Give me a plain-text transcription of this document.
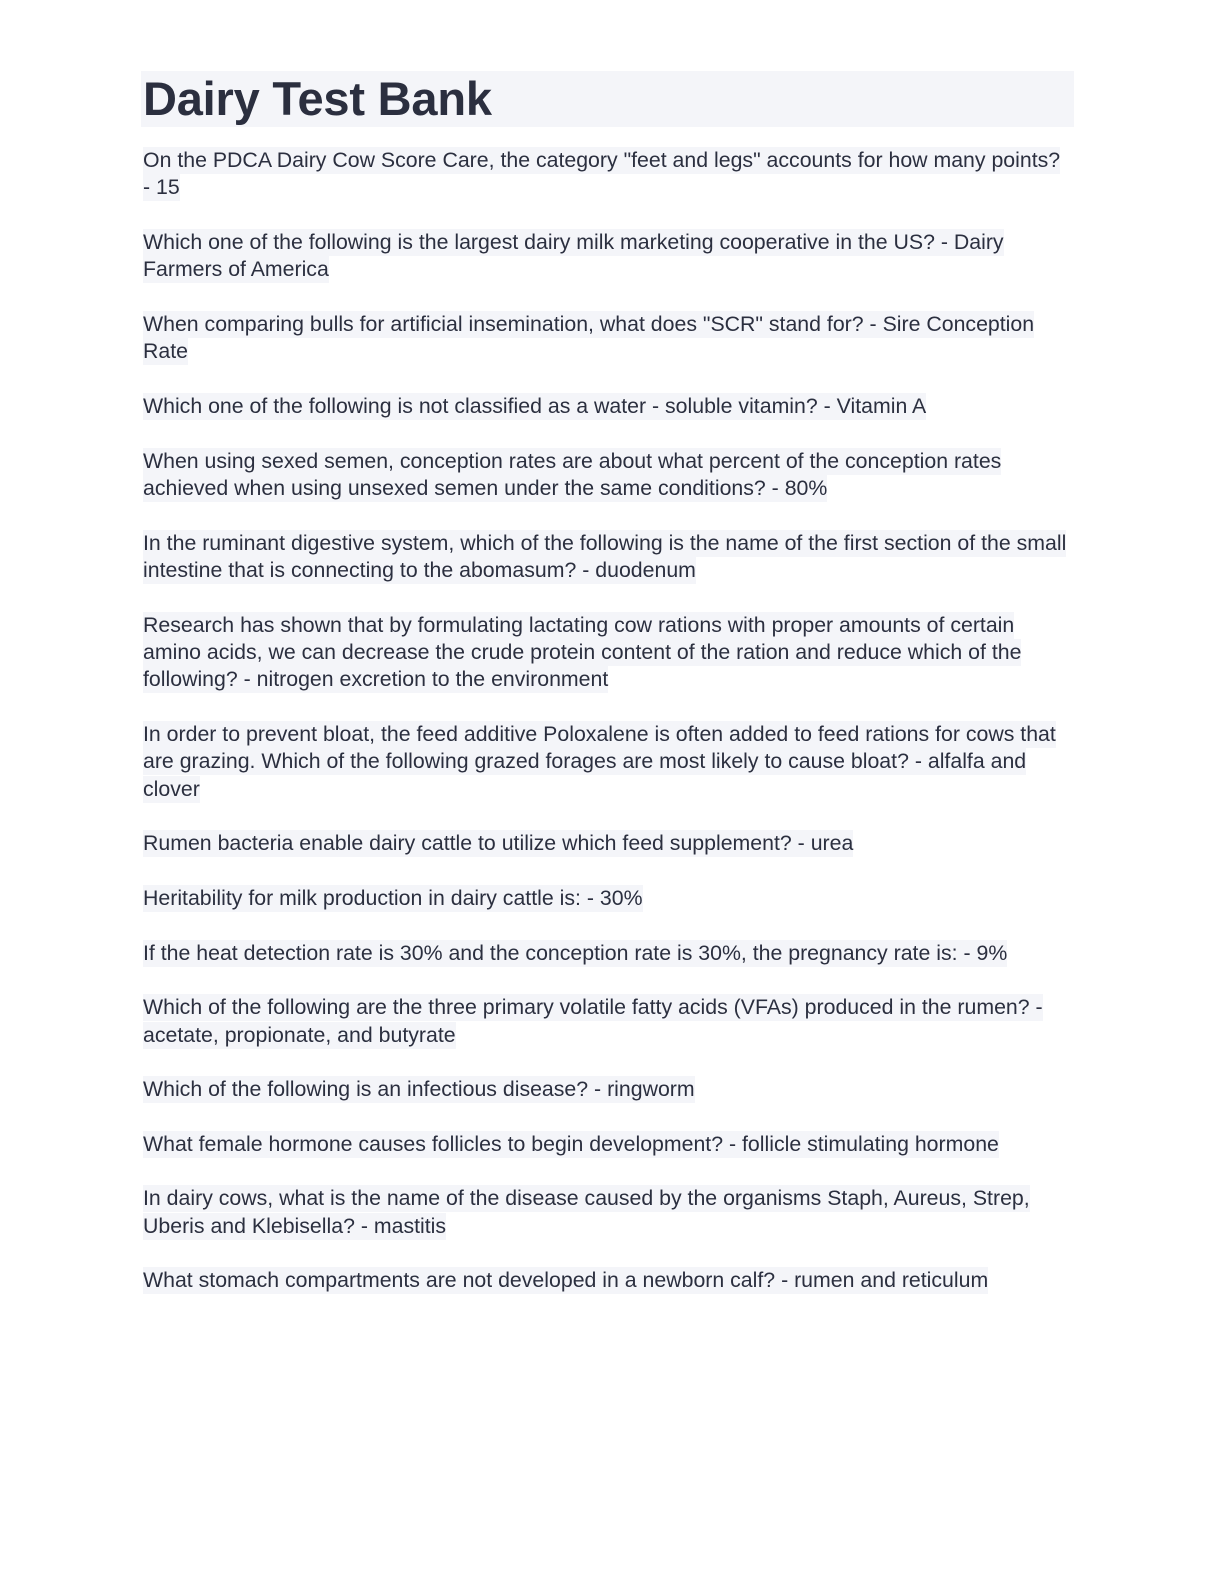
Dairy Test Bank
On the PDCA Dairy Cow Score Care, the category "feet and legs" accounts for how many points? - 15
Which one of the following is the largest dairy milk marketing cooperative in the US? - Dairy Farmers of America
When comparing bulls for artificial insemination, what does "SCR" stand for? - Sire Conception Rate
Which one of the following is not classified as a water - soluble vitamin? - Vitamin A
When using sexed semen, conception rates are about what percent of the conception rates achieved when using unsexed semen under the same conditions? - 80%
In the ruminant digestive system, which of the following is the name of the first section of the small intestine that is connecting to the abomasum? - duodenum
Research has shown that by formulating lactating cow rations with proper amounts of certain amino acids, we can decrease the crude protein content of the ration and reduce which of the following? - nitrogen excretion to the environment
In order to prevent bloat, the feed additive Poloxalene is often added to feed rations for cows that are grazing. Which of the following grazed forages are most likely to cause bloat? - alfalfa and clover
Rumen bacteria enable dairy cattle to utilize which feed supplement? - urea
Heritability for milk production in dairy cattle is: - 30%
If the heat detection rate is 30% and the conception rate is 30%, the pregnancy rate is: - 9%
Which of the following are the three primary volatile fatty acids (VFAs) produced in the rumen? - acetate, propionate, and butyrate
Which of the following is an infectious disease? - ringworm
What female hormone causes follicles to begin development? - follicle stimulating hormone
In dairy cows, what is the name of the disease caused by the organisms Staph, Aureus, Strep, Uberis and Klebisella? - mastitis
What stomach compartments are not developed in a newborn calf? - rumen and reticulum
